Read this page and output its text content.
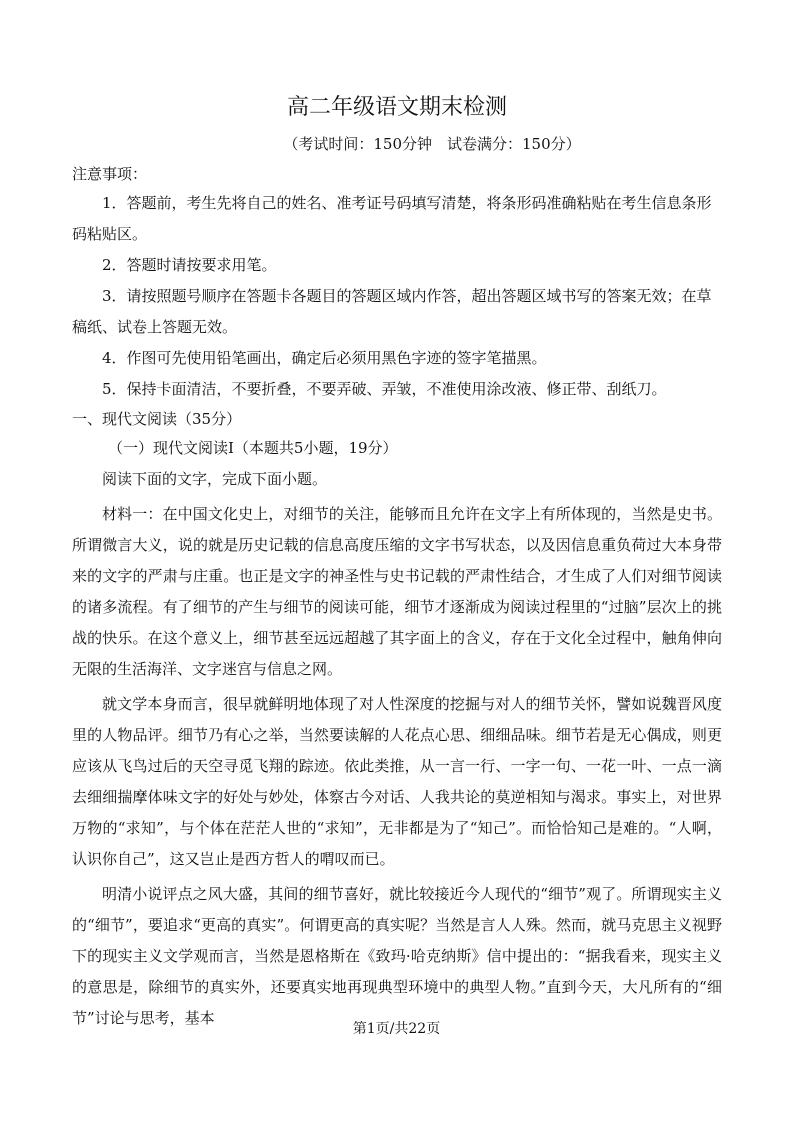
高二年级语文期末检测
（考试时间：150分钟　试卷满分：150分）
注意事项：
1．答题前，考生先将自己的姓名、准考证号码填写清楚，将条形码准确粘贴在考生信息条形码粘贴区。
2．答题时请按要求用笔。
3．请按照题号顺序在答题卡各题目的答题区域内作答，超出答题区域书写的答案无效；在草稿纸、试卷上答题无效。
4．作图可先使用铅笔画出，确定后必须用黑色字迹的签字笔描黑。
5．保持卡面清洁，不要折叠，不要弄破、弄皱，不准使用涂改液、修正带、刮纸刀。
一、现代文阅读（35分）
（一）现代文阅读Ⅰ（本题共5小题，19分）
阅读下面的文字，完成下面小题。

材料一：在中国文化史上，对细节的关注，能够而且允许在文字上有所体现的，当然是史书。所谓微言大义，说的就是历史记载的信息高度压缩的文字书写状态，以及因信息重负荷过大本身带来的文字的严肃与庄重。也正是文字的神圣性与史书记载的严肃性结合，才生成了人们对细节阅读的诸多流程。有了细节的产生与细节的阅读可能，细节才逐渐成为阅读过程里的“过脑”层次上的挑战的快乐。在这个意义上，细节甚至远远超越了其字面上的含义，存在于文化全过程中，触角伸向无限的生活海洋、文字迷宫与信息之网。

就文学本身而言，很早就鲜明地体现了对人性深度的挖掘与对人的细节关怀，譬如说魏晋风度里的人物品评。细节乃有心之举，当然要读解的人花点心思、细细品味。细节若是无心偶成，则更应该从飞鸟过后的天空寻觅飞翔的踪迹。依此类推，从一言一行、一字一句、一花一叶、一点一滴去细细揣摩体味文字的好处与妙处，体察古今对话、人我共论的莫逆相知与渴求。事实上，对世界万物的“求知”，与个体在茫茫人世的“求知”，无非都是为了“知己”。而恰恰知己是难的。“人啊，认识你自己”，这又岂止是西方哲人的喟叹而已。

明清小说评点之风大盛，其间的细节喜好，就比较接近今人现代的“细节”观了。所谓现实主义的“细节”，要追求“更高的真实”。何谓更高的真实呢？当然是言人人殊。然而，就马克思主义视野下的现实主义文学观而言，当然是恩格斯在《致玛·哈克纳斯》信中提出的：“据我看来，现实主义的意思是，除细节的真实外，还要真实地再现典型环境中的典型人物。”直到今天，大凡所有的“细节”讨论与思考，基本

第1页/共22页
